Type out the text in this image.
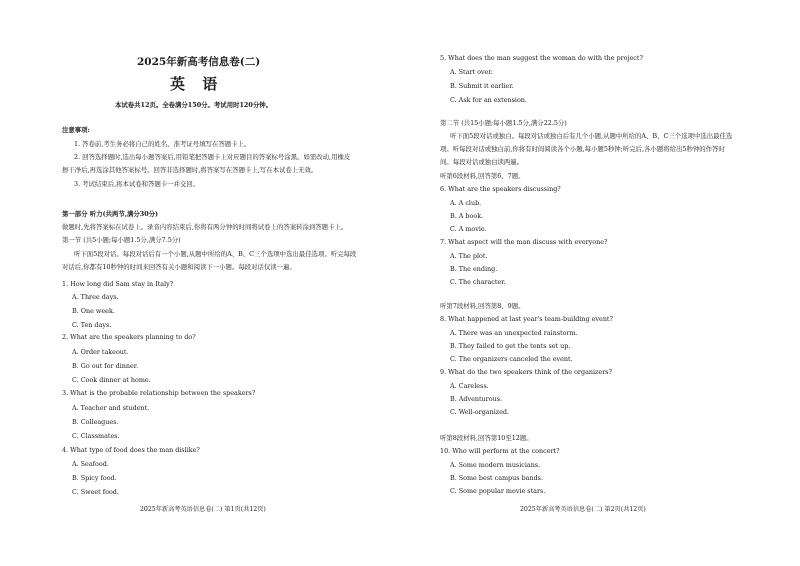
2025年新高考信息卷(二)
英 语
本试卷共12页。全卷满分150分。考试用时120分钟。
注意事项:
1. 答卷前,考生务必将自己的姓名、准考证号填写在答题卡上。
2. 回答选择题时,选出每小题答案后,用铅笔把答题卡上对应题目的答案标号涂黑。如需改动,用橡皮
擦干净后,再选涂其他答案标号。回答非选择题时,将答案写在答题卡上,写在本试卷上无效。
3. 考试结束后,将本试卷和答题卡一并交回。
第一部分 听力(共两节,满分30分)
做题时,先将答案标在试卷上。录音内容结束后,你将有两分钟的时间将试卷上的答案转涂到答题卡上。
第一节 (共5小题;每小题1.5分,满分7.5分)
听下面5段对话。每段对话后有一个小题,从题中所给的A、B、C三个选项中选出最佳选项。听完每段
对话后,你都有10秒钟的时间来回答有关小题和阅读下一小题。每段对话仅读一遍。
1. How long did Sam stay in Italy?
A. Three days.
B. One week.
C. Ten days.
2. What are the speakers planning to do?
A. Order takeout.
B. Go out for dinner.
C. Cook dinner at home.
3. What is the probable relationship between the speakers?
A. Teacher and student.
B. Colleagues.
C. Classmates.
4. What type of food does the man dislike?
A. Seafood.
B. Spicy food.
C. Sweet food.
2025年新高考英语信息卷(二) 第1页(共12页)
5. What does the man suggest the woman do with the project?
A. Start over.
B. Submit it earlier.
C. Ask for an extension.
第二节 (共15小题;每小题1.5分,满分22.5分)
听下面5段对话或独白。每段对话或独白后有几个小题,从题中所给的A、B、C三个选项中选出最佳选
项。听每段对话或独白前,你将有时间阅读各个小题,每小题5秒钟;听完后,各小题将给出5秒钟的作答时
间。每段对话或独白读两遍。
听第6段材料,回答第6、7题。
6. What are the speakers discussing?
A. A club.
B. A book.
C. A movie.
7. What aspect will the man discuss with everyone?
A. The plot.
B. The ending.
C. The character.
听第7段材料,回答第8、9题。
8. What happened at last year's team-building event?
A. There was an unexpected rainstorm.
B. They failed to get the tents set up.
C. The organizers canceled the event.
9. What do the two speakers think of the organizers?
A. Careless.
B. Adventurous.
C. Well-organized.
听第8段材料,回答第10至12题。
10. Who will perform at the concert?
A. Some modern musicians.
B. Some best campus bands.
C. Some popular movie stars.
2025年新高考英语信息卷(二) 第2页(共12页)
